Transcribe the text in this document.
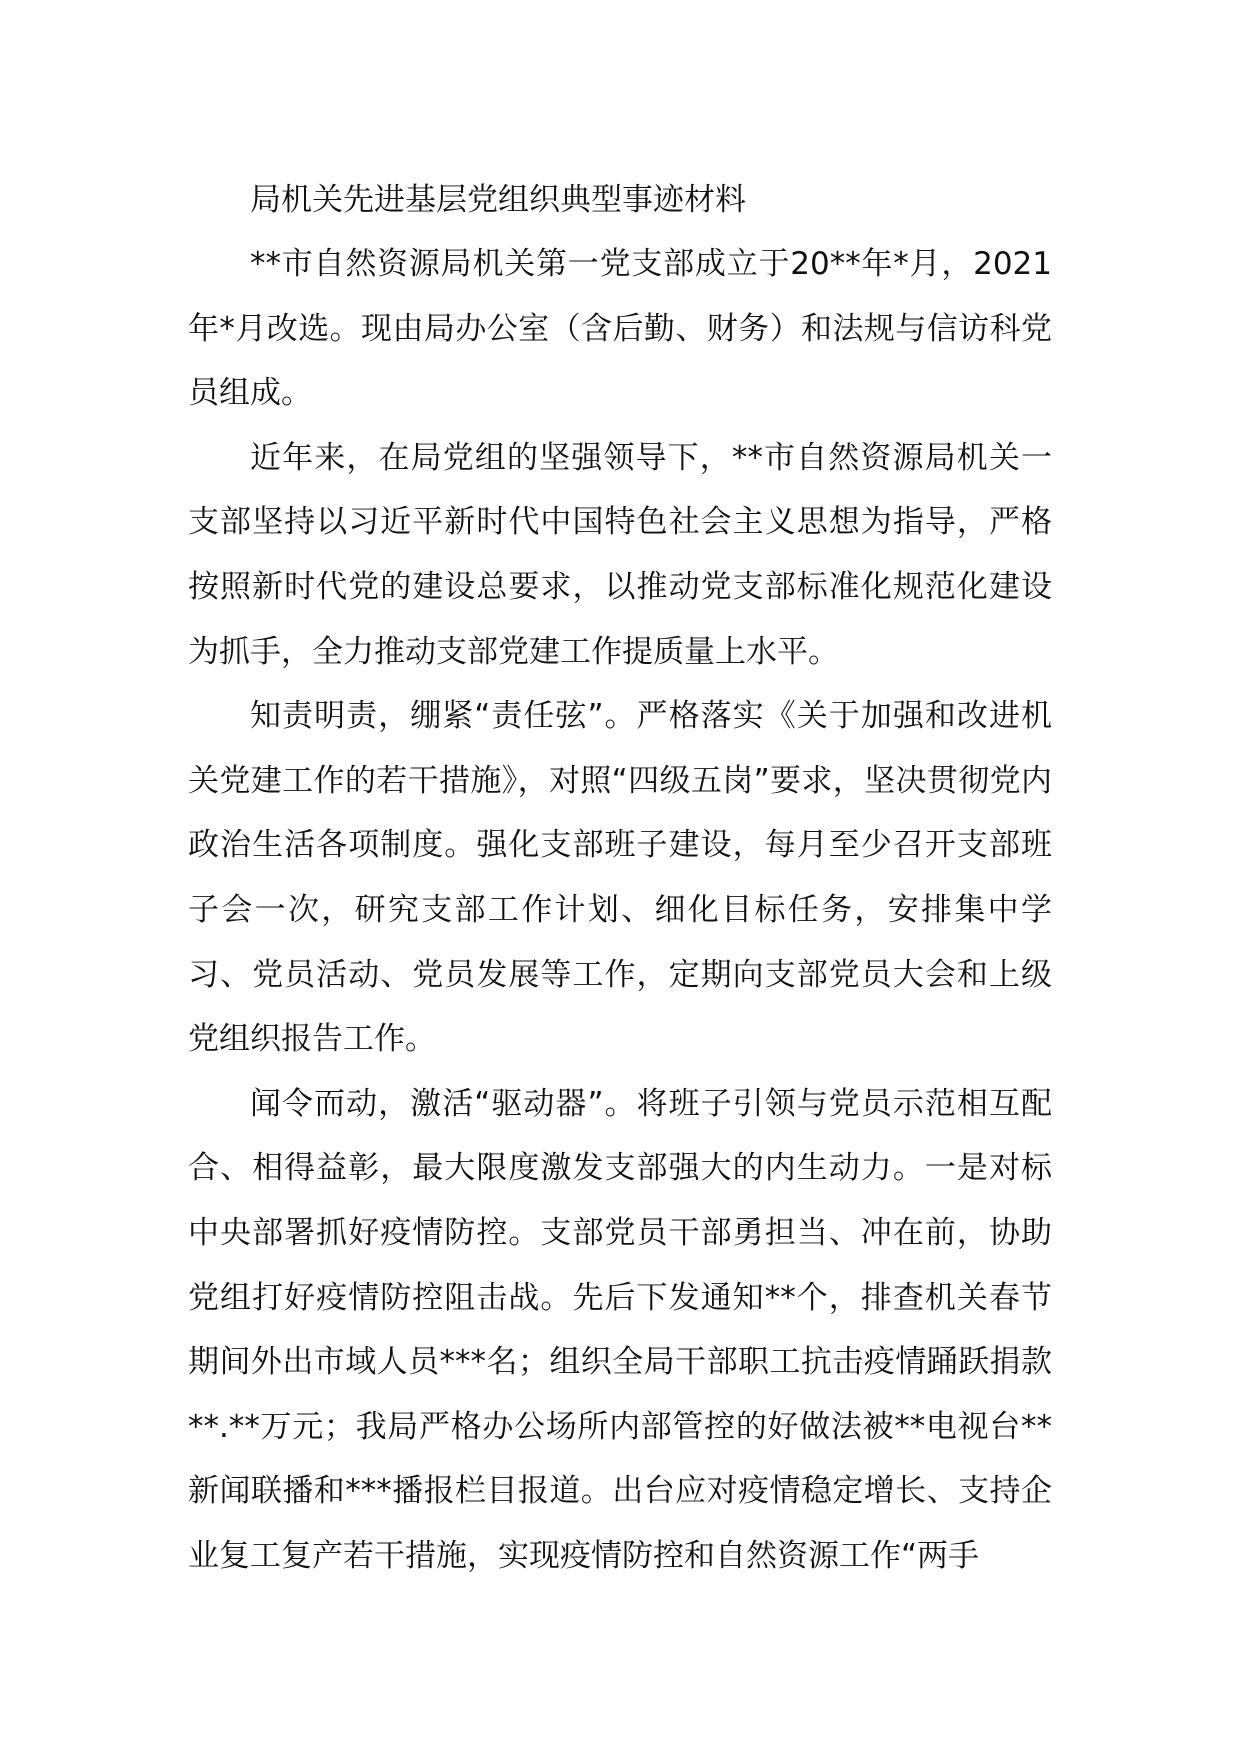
局机关先进基层党组织典型事迹材料

**市自然资源局机关第一党支部成立于20**年*月，2021年*月改选。现由局办公室（含后勤、财务）和法规与信访科党员组成。

近年来，在局党组的坚强领导下，**市自然资源局机关一支部坚持以习近平新时代中国特色社会主义思想为指导，严格按照新时代党的建设总要求，以推动党支部标准化规范化建设为抓手，全力推动支部党建工作提质量上水平。

知责明责，绷紧“责任弦”。严格落实《关于加强和改进机关党建工作的若干措施》，对照“四级五岗”要求，坚决贯彻党内政治生活各项制度。强化支部班子建设，每月至少召开支部班子会一次，研究支部工作计划、细化目标任务，安排集中学习、党员活动、党员发展等工作，定期向支部党员大会和上级党组织报告工作。

闻令而动，激活“驱动器”。将班子引领与党员示范相互配合、相得益彰，最大限度激发支部强大的内生动力。一是对标中央部署抓好疫情防控。支部党员干部勇担当、冲在前，协助党组打好疫情防控阻击战。先后下发通知**个，排查机关春节期间外出市域人员***名；组织全局干部职工抗击疫情踊跃捐款**.**万元；我局严格办公场所内部管控的好做法被**电视台**新闻联播和***播报栏目报道。出台应对疫情稳定增长、支持企业复工复产若干措施，实现疫情防控和自然资源工作“两手
